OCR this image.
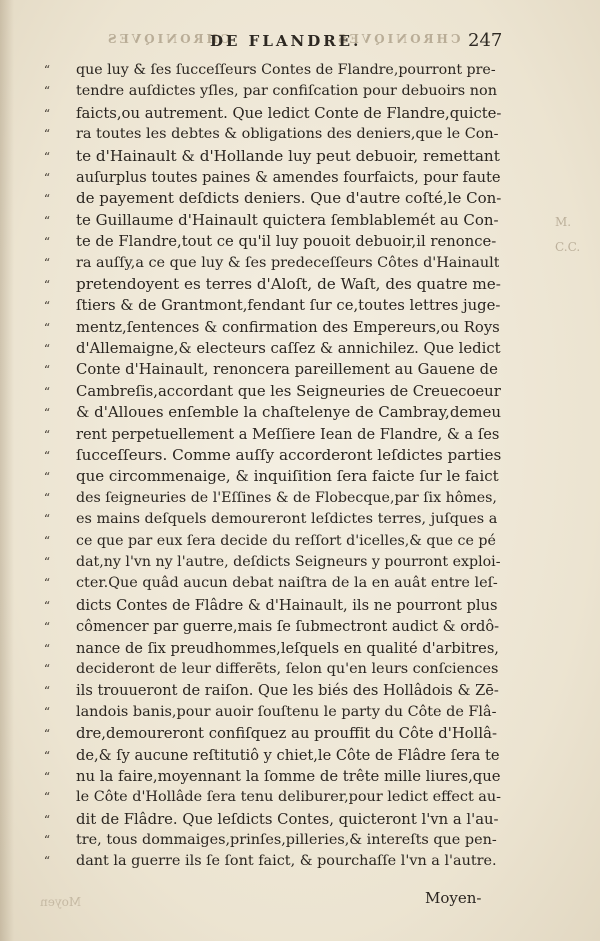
CHRONIQVES	CHRONIQVES
DE FLANDRE.	247
“	que luy & ſes ſucceſſeurs Contes de Flandre,pourront pre-
“	tendre auſdictes yſles, par confiſcation pour debuoirs non
“	faicts,ou autrement. Que ledict Conte de Flandre,quicte-
“	ra toutes les debtes & obligations des deniers,que le Con-
“	te d'Hainault & d'Hollande luy peut debuoir, remettant
“	auſurplus toutes paines & amendes fourfaicts, pour faute
“	de payement deſdicts deniers. Que d'autre coſté,le Con-
“	te Guillaume d'Hainault quictera ſemblablemét au Con-
“	te de Flandre,tout ce qu'il luy pouoit debuoir,il renonce-
“	ra auſſy,a ce que luy & ſes predeceſſeurs Côtes d'Hainault
“	pretendoyent es terres d'Aloſt, de Waſt, des quatre me-
“	ſtiers & de Grantmont,fendant ſur ce,toutes lettres juge-
“	mentz,ſentences & confirmation des Empereurs,ou Roys
“	d'Allemaigne,& electeurs caſſez & annichilez. Que ledict
“	Conte d'Hainault, renoncera pareillement au Gauene de
“	Cambreſis,accordant que les Seigneuries de Creuecoeur
“	& d'Alloues enſemble la chaſtelenye de Cambray,demeu
“	rent perpetuellement a Meſſiere Iean de Flandre, & a ſes
“	ſucceſſeurs. Comme auſſy accorderont leſdictes parties
“	que circommenaige, & inquiſition ſera faicte ſur le faict
“	des ſeigneuries de l'Eſſines & de Flobecque,par ſix hômes,
“	es mains deſquels demoureront leſdictes terres, juſques a
“	ce que par eux ſera decide du reſſort d'icelles,& que ce pé
“	dat,ny l'vn ny l'autre, deſdicts Seigneurs y pourront exploi-
“	cter.Que quâd aucun debat naiſtra de la en auât entre leſ-
“	dicts Contes de Flâdre & d'Hainault, ils ne pourront plus
“	cômencer par guerre,mais ſe ſubmectront audict & ordô-
“	nance de ſix preudhommes,leſquels en qualité d'arbitres,
“	decideront de leur differēts, ſelon qu'en leurs conſciences
“	ils trouueront de raiſon. Que les biés des Hollâdois & Zē-
“	landois banis,pour auoir ſouſtenu le party du Côte de Flâ-
“	dre,demoureront confiſquez au prouffit du Côte d'Hollâ-
“	de,& ſy aucune reſtitutiô y chiet,le Côte de Flâdre ſera te
“	nu la faire,moyennant la ſomme de trête mille liures,que
“	le Côte d'Hollâde ſera tenu deliburer,pour ledict effect au-
“	dit de Flâdre. Que leſdicts Contes, quicteront l'vn a l'au-
“	tre, tous dommaiges,prinſes,pilleries,& intereſts que pen-
“	dant la guerre ils ſe ſont faict, & pourchaſſe l'vn a l'autre.
M.
C.C.
Moyen	Moyen-
